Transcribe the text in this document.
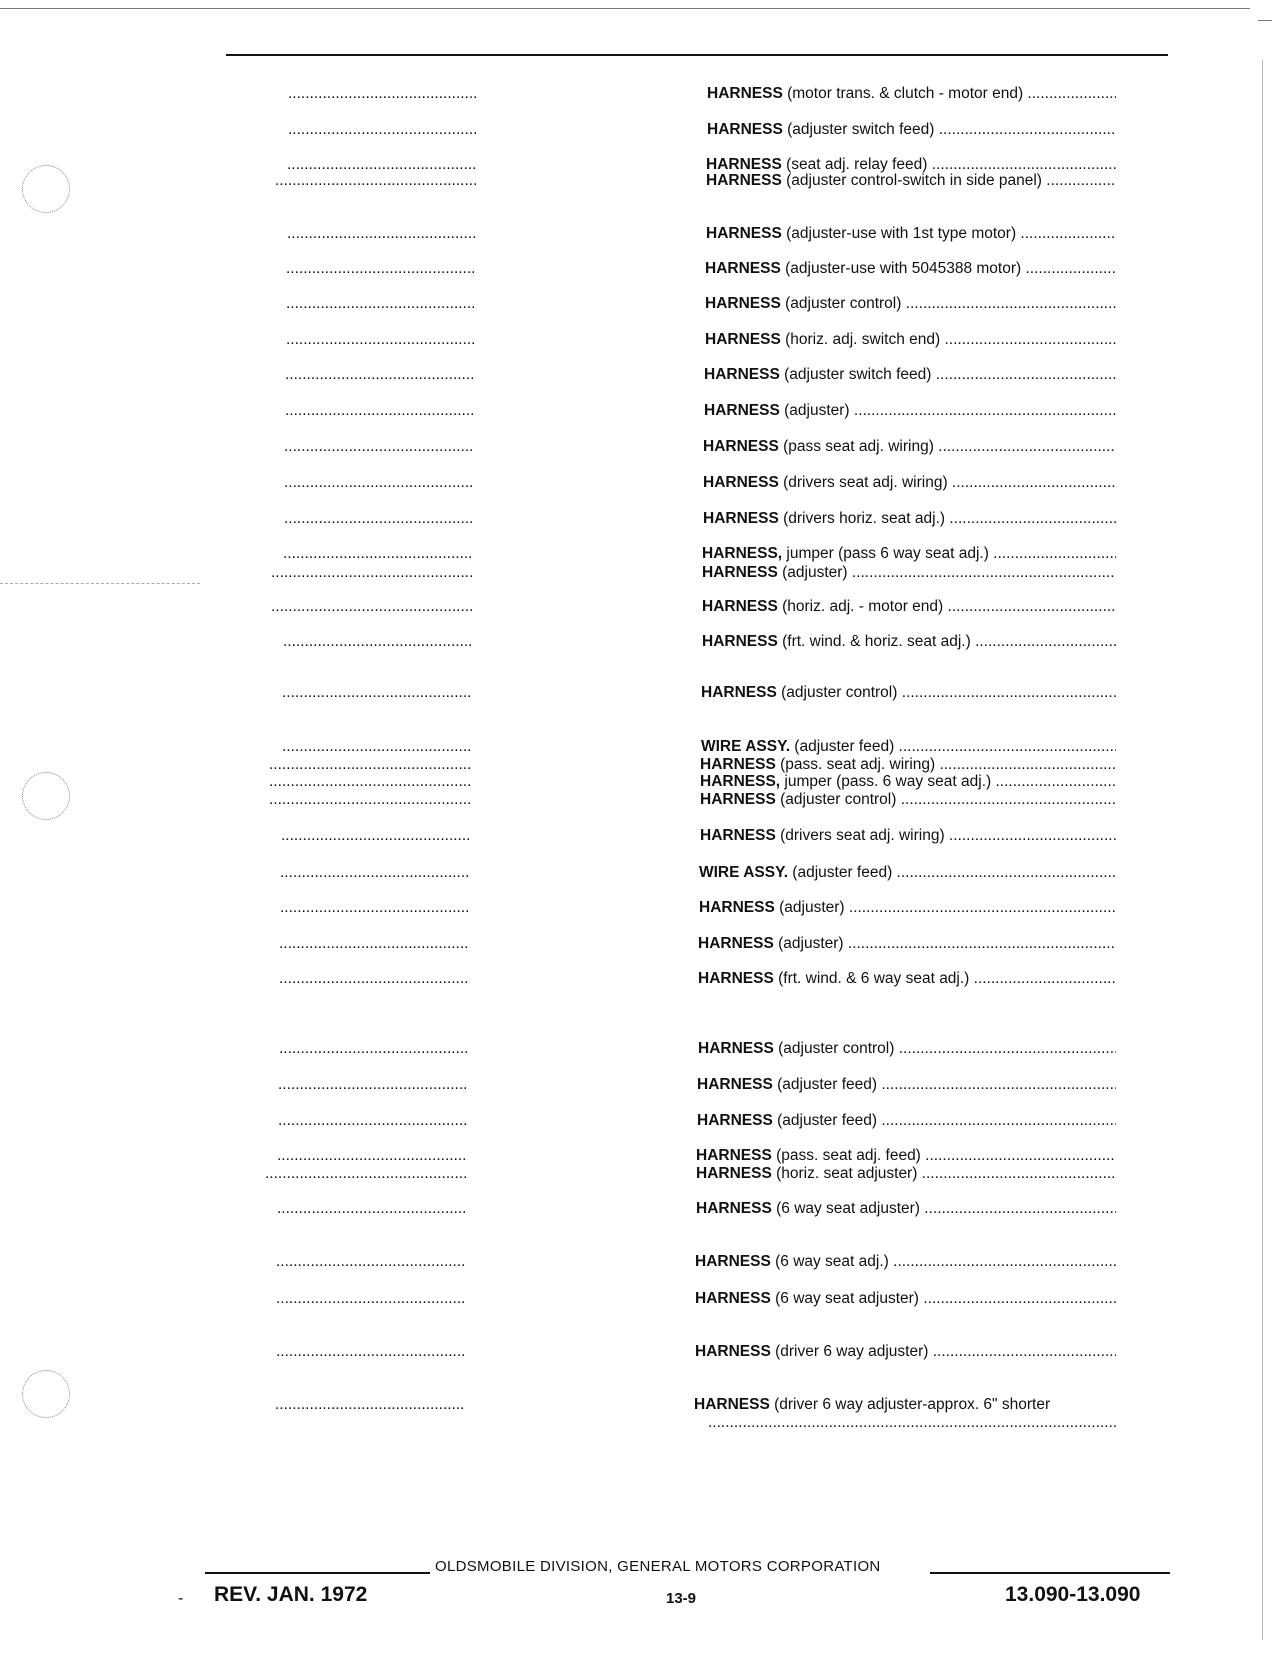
.....
HARNESS (motor trans. & clutch - motor end) .....
.....
HARNESS (adjuster switch feed) .....
.....
HARNESS (seat adj. relay feed) .....
.....
HARNESS (adjuster control-switch in side panel) .....
.....
HARNESS (adjuster-use with 1st type motor) .....
.....
HARNESS (adjuster-use with 5045388 motor) .....
.....
HARNESS (adjuster control) .....
.....
HARNESS (horiz. adj. switch end) .....
.....
HARNESS (adjuster switch feed) .....
.....
HARNESS (adjuster) .....
.....
HARNESS (pass seat adj. wiring) .....
.....
HARNESS (drivers seat adj. wiring) .....
.....
HARNESS (drivers horiz. seat adj.) .....
.....
HARNESS, jumper (pass 6 way seat adj.) .....
.....
HARNESS (adjuster) .....
.....
HARNESS (horiz. adj. - motor end) .....
.....
HARNESS (frt. wind. & horiz. seat adj.) .....
.....
HARNESS (adjuster control) .....
.....
WIRE ASSY. (adjuster feed) .....
.....
HARNESS (pass. seat adj. wiring) .....
.....
HARNESS, jumper (pass. 6 way seat adj.) .....
.....
HARNESS (adjuster control) .....
.....
HARNESS (drivers seat adj. wiring) .....
.....
WIRE ASSY. (adjuster feed) .....
.....
HARNESS (adjuster) .....
.....
HARNESS (adjuster) .....
.....
HARNESS (frt. wind. & 6 way seat adj.) .....
.....
HARNESS (adjuster control) .....
.....
HARNESS (adjuster feed) .....
.....
HARNESS (adjuster feed) .....
.....
HARNESS (pass. seat adj. feed) .....
.....
HARNESS (horiz. seat adjuster) .....
.....
HARNESS (6 way seat adjuster) .....
.....
HARNESS (6 way seat adj.) .....
.....
HARNESS (6 way seat adjuster) .....
.....
HARNESS (driver 6 way adjuster) .....
.....
HARNESS (driver 6 way adjuster-approx. 6" shorter
.....
OLDSMOBILE DIVISION, GENERAL MOTORS CORPORATION
- REV. JAN. 1972	13-9	13.090-13.090
